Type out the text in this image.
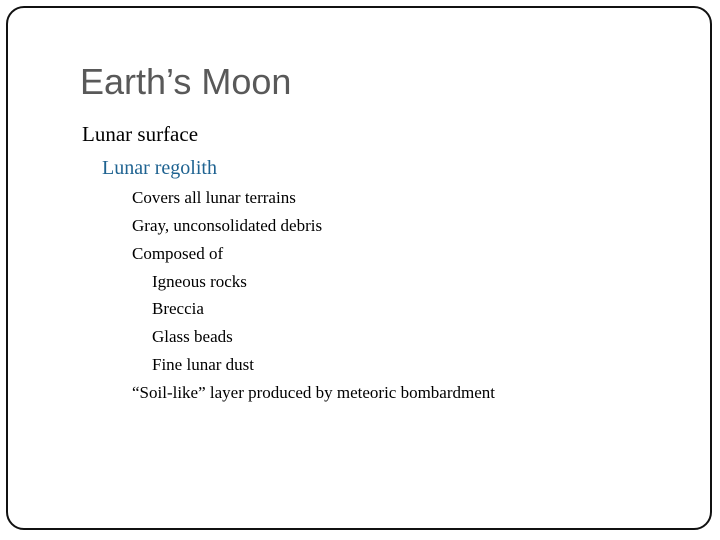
Earth’s Moon
Lunar surface
Lunar regolith
Covers all lunar terrains
Gray, unconsolidated debris
Composed of
Igneous rocks
Breccia
Glass beads
Fine lunar dust
“Soil-like” layer produced by meteoric bombardment
